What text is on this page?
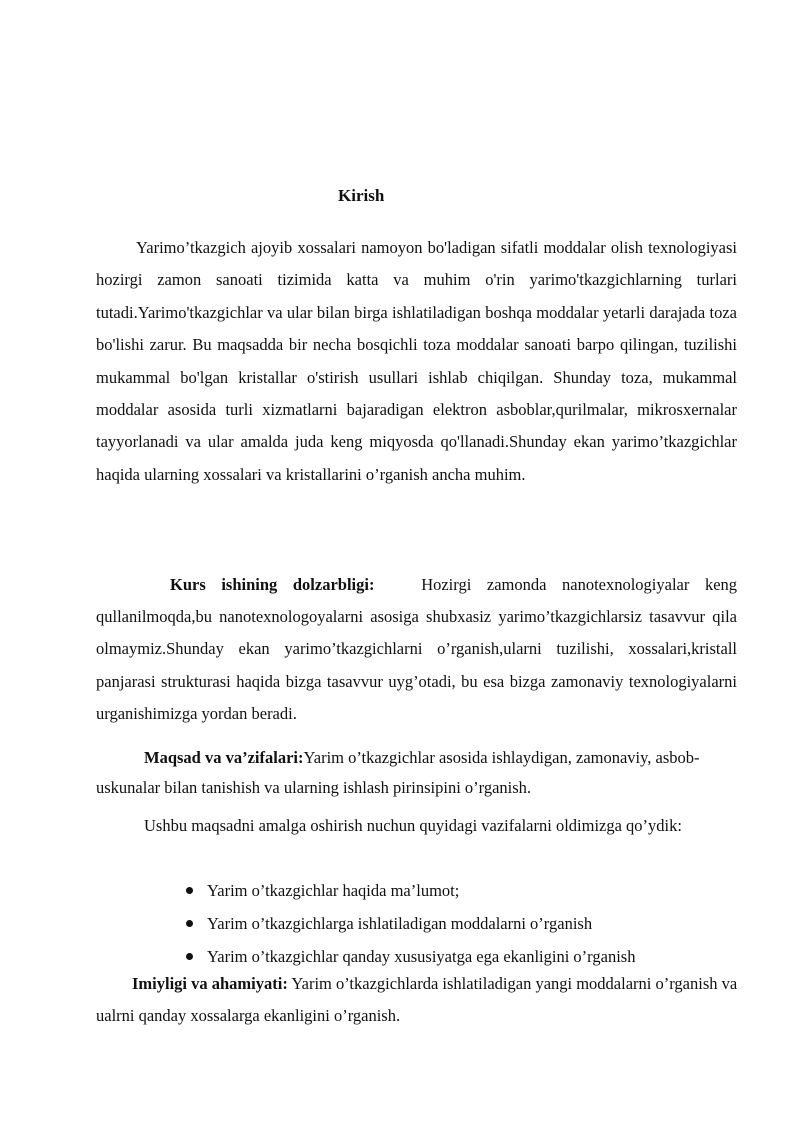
Kirish

Yarimo’tkazgich ajoyib xossalari namoyon bo'ladigan sifatli moddalar olish texnologiyasi hozirgi zamon sanoati tizimida katta va muhim o'rin yarimo'tkazgichlarning turlari tutadi.Yarimo'tkazgichlar va ular bilan birga ishlatiladigan boshqa moddalar yetarli darajada toza bo'lishi zarur. Bu maqsadda bir necha bosqichli toza moddalar sanoati barpo qilingan, tuzilishi mukammal bo'lgan kristallar o'stirish usullari ishlab chiqilgan. Shunday toza, mukammal moddalar asosida turli xizmatlarni bajaradigan elektron asboblar,qurilmalar, mikrosxernalar tayyorlanadi va ular amalda juda keng miqyosda qo'llanadi.Shunday ekan yarimo’tkazgichlar haqida ularning xossalari va kristallarini o’rganish ancha muhim.

Kurs ishining dolzarbligi:	Hozirgi zamonda nanotexnologiyalar keng qullanilmoqda,bu nanotexnologoyalarni asosiga shubxasiz yarimo’tkazgichlarsiz tasavvur qila olmaymiz.Shunday ekan yarimo’tkazgichlarni o’rganish,ularni tuzilishi, xossalari,kristall panjarasi strukturasi haqida bizga tasavvur uyg’otadi, bu esa bizga zamonaviy texnologiyalarni urganishimizga yordan beradi.

Maqsad va va’zifalari:Yarim o’tkazgichlar asosida ishlaydigan, zamonaviy, asbob-uskunalar bilan tanishish va ularning ishlash pirinsipini o’rganish.

Ushbu maqsadni amalga oshirish nuchun quyidagi vazifalarni oldimizga qo’ydik:

Yarim o’tkazgichlar haqida ma’lumot;
Yarim o’tkazgichlarga ishlatiladigan moddalarni o’rganish
Yarim o’tkazgichlar qanday xususiyatga ega ekanligini o’rganish

Imiyligi va ahamiyati: Yarim o’tkazgichlarda ishlatiladigan yangi moddalarni o’rganish va ualrni qanday xossalarga ekanligini o’rganish.
